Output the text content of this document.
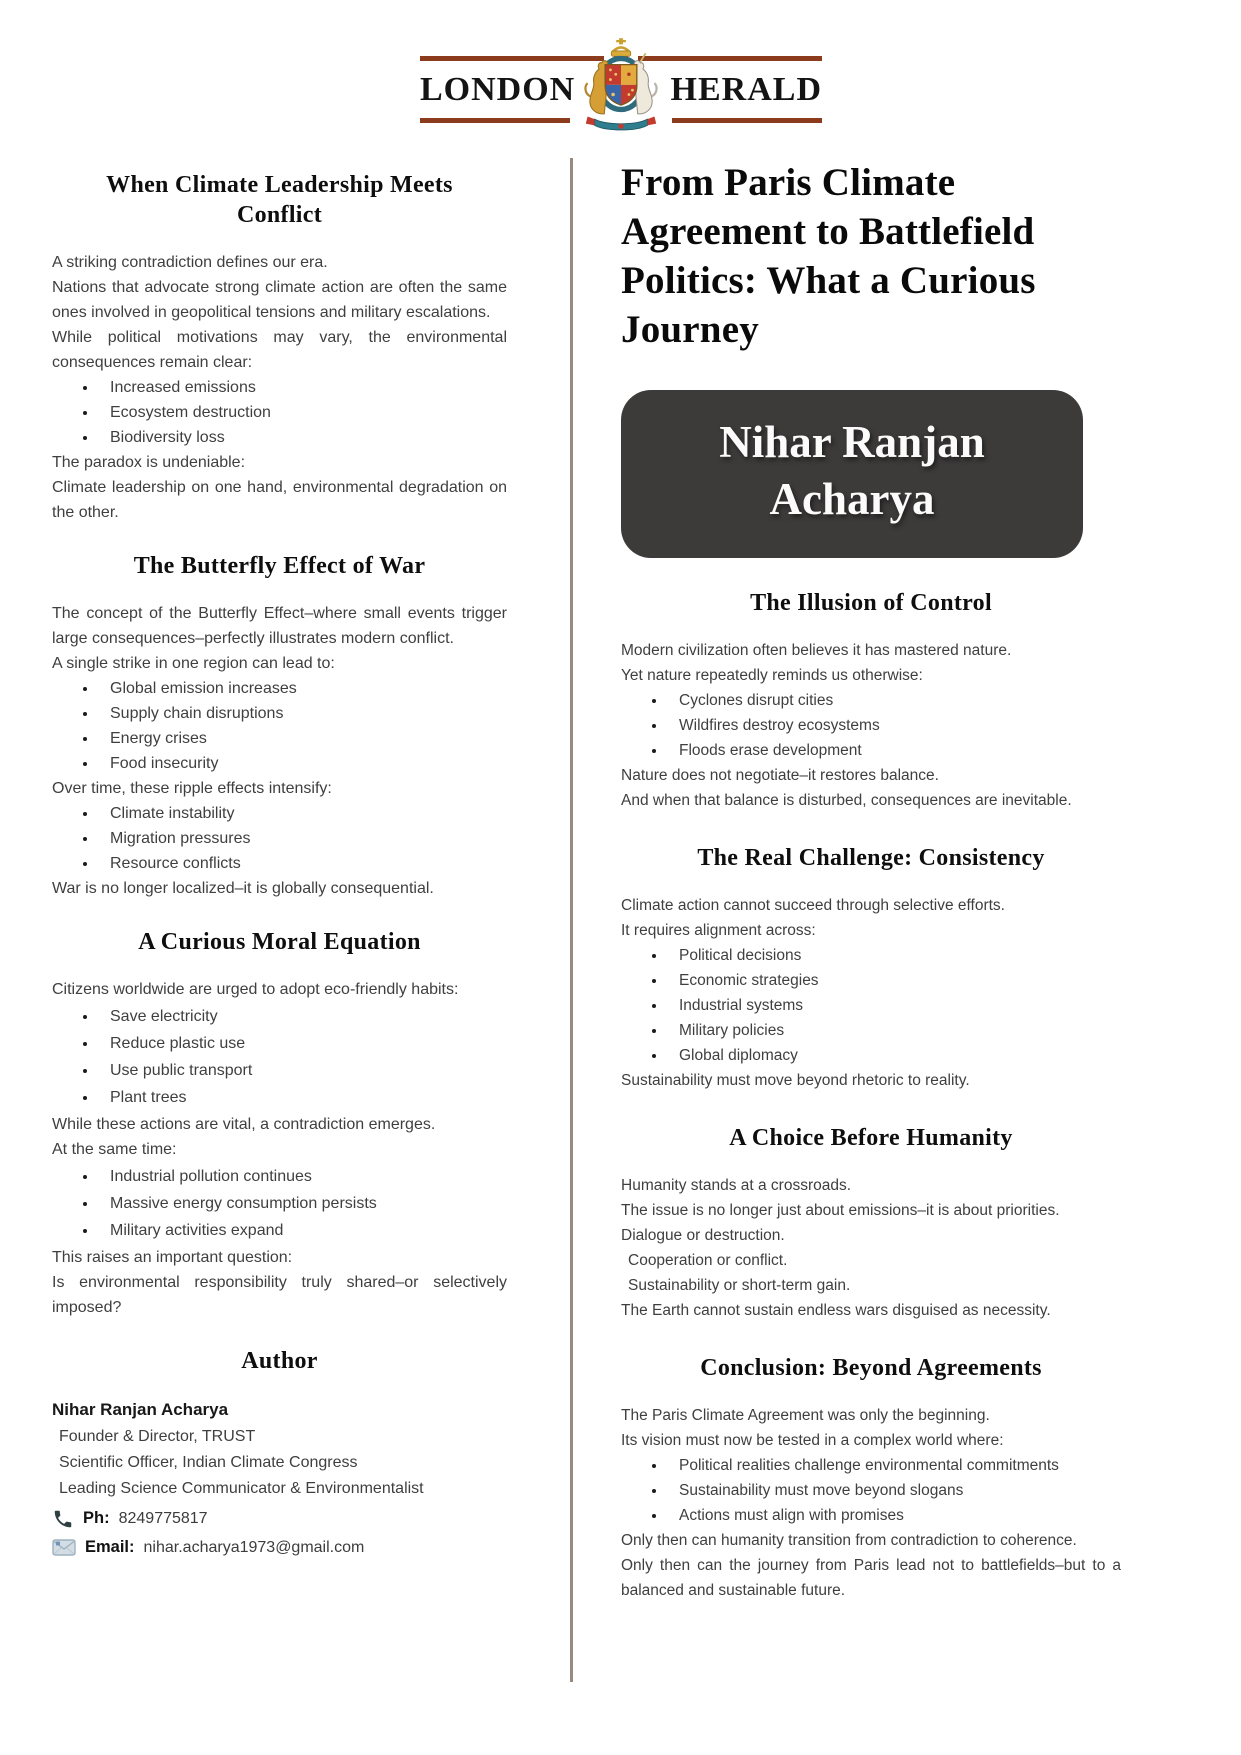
LONDON	HERALD
When Climate Leadership Meets Conflict

A striking contradiction defines our era.

Nations that advocate strong climate action are often the same ones involved in geopolitical tensions and military escalations.

While political motivations may vary, the environmental consequences remain clear:

• Increased emissions
• Ecosystem destruction
• Biodiversity loss

The paradox is undeniable:

Climate leadership on one hand, environmental degradation on the other.

The Butterfly Effect of War

The concept of the Butterfly Effect–where small events trigger large consequences–perfectly illustrates modern conflict.

A single strike in one region can lead to:

• Global emission increases
• Supply chain disruptions
• Energy crises
• Food insecurity

Over time, these ripple effects intensify:

• Climate instability
• Migration pressures
• Resource conflicts

War is no longer localized–it is globally consequential.

A Curious Moral Equation

Citizens worldwide are urged to adopt eco-friendly habits:

• Save electricity
• Reduce plastic use
• Use public transport
• Plant trees

While these actions are vital, a contradiction emerges.

At the same time:

• Industrial pollution continues
• Massive energy consumption persists
• Military activities expand

This raises an important question:

Is environmental responsibility truly shared–or selectively imposed?

Author

Nihar Ranjan Acharya

Founder & Director, TRUST

Scientific Officer, Indian Climate Congress

Leading Science Communicator & Environmentalist

Ph: 8249775817
Email: nihar.acharya1973@gmail.com
From Paris Climate Agreement to Battlefield Politics: What a Curious Journey
Nihar Ranjan Acharya
The Illusion of Control

Modern civilization often believes it has mastered nature.

Yet nature repeatedly reminds us otherwise:

• Cyclones disrupt cities
• Wildfires destroy ecosystems
• Floods erase development

Nature does not negotiate–it restores balance.

And when that balance is disturbed, consequences are inevitable.

The Real Challenge: Consistency

Climate action cannot succeed through selective efforts.

It requires alignment across:

• Political decisions
• Economic strategies
• Industrial systems
• Military policies
• Global diplomacy

Sustainability must move beyond rhetoric to reality.

A Choice Before Humanity

Humanity stands at a crossroads.

The issue is no longer just about emissions–it is about priorities.

Dialogue or destruction.

Cooperation or conflict.

Sustainability or short-term gain.

The Earth cannot sustain endless wars disguised as necessity.

Conclusion: Beyond Agreements

The Paris Climate Agreement was only the beginning.

Its vision must now be tested in a complex world where:

• Political realities challenge environmental commitments
• Sustainability must move beyond slogans
• Actions must align with promises

Only then can humanity transition from contradiction to coherence.

Only then can the journey from Paris lead not to battlefields–but to a balanced and sustainable future.
